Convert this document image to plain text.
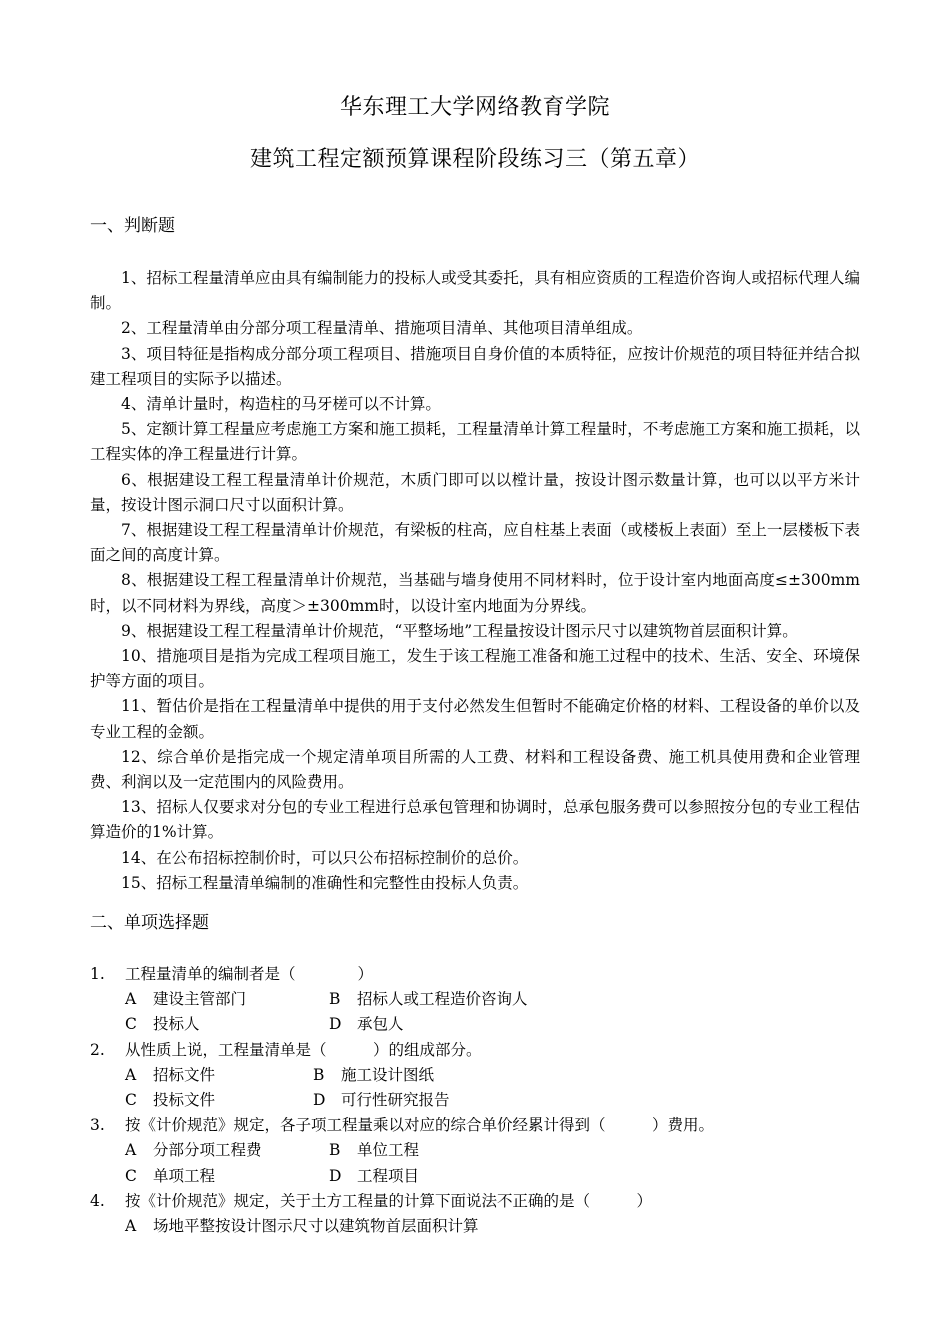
华东理工大学网络教育学院
建筑工程定额预算课程阶段练习三（第五章）
一、判断题

1、招标工程量清单应由具有编制能力的投标人或受其委托，具有相应资质的工程造价咨询人或招标代理人编制。

2、工程量清单由分部分项工程量清单、措施项目清单、其他项目清单组成。

3、项目特征是指构成分部分项工程项目、措施项目自身价值的本质特征，应按计价规范的项目特征并结合拟建工程项目的实际予以描述。

4、清单计量时，构造柱的马牙槎可以不计算。

5、定额计算工程量应考虑施工方案和施工损耗，工程量清单计算工程量时，不考虑施工方案和施工损耗，以工程实体的净工程量进行计算。

6、根据建设工程工程量清单计价规范，木质门即可以以樘计量，按设计图示数量计算，也可以以平方米计量，按设计图示洞口尺寸以面积计算。

7、根据建设工程工程量清单计价规范，有梁板的柱高，应自柱基上表面（或楼板上表面）至上一层楼板下表面之间的高度计算。

8、根据建设工程工程量清单计价规范，当基础与墙身使用不同材料时，位于设计室内地面高度≤±300mm时，以不同材料为界线，高度＞±300mm时，以设计室内地面为分界线。

9、根据建设工程工程量清单计价规范，“平整场地”工程量按设计图示尺寸以建筑物首层面积计算。

10、措施项目是指为完成工程项目施工，发生于该工程施工准备和施工过程中的技术、生活、安全、环境保护等方面的项目。

11、暂估价是指在工程量清单中提供的用于支付必然发生但暂时不能确定价格的材料、工程设备的单价以及专业工程的金额。

12、综合单价是指完成一个规定清单项目所需的人工费、材料和工程设备费、施工机具使用费和企业管理费、利润以及一定范围内的风险费用。

13、招标人仅要求对分包的专业工程进行总承包管理和协调时，总承包服务费可以参照按分包的专业工程估算造价的1%计算。

14、在公布招标控制价时，可以只公布招标控制价的总价。

15、招标工程量清单编制的准确性和完整性由投标人负责。

二、单项选择题
1.	工程量清单的编制者是（　　　　）
A	建设主管部门	B	招标人或工程造价咨询人
C	投标人	D	承包人
2.	从性质上说，工程量清单是（　　　）的组成部分。
A	招标文件	B	施工设计图纸
C	投标文件	D	可行性研究报告
3.	按《计价规范》规定，各子项工程量乘以对应的综合单价经累计得到（　　　）费用。
A	分部分项工程费	B	单位工程
C	单项工程	D	工程项目
4.	按《计价规范》规定，关于土方工程量的计算下面说法不正确的是（　　　）
A	场地平整按设计图示尺寸以建筑物首层面积计算
